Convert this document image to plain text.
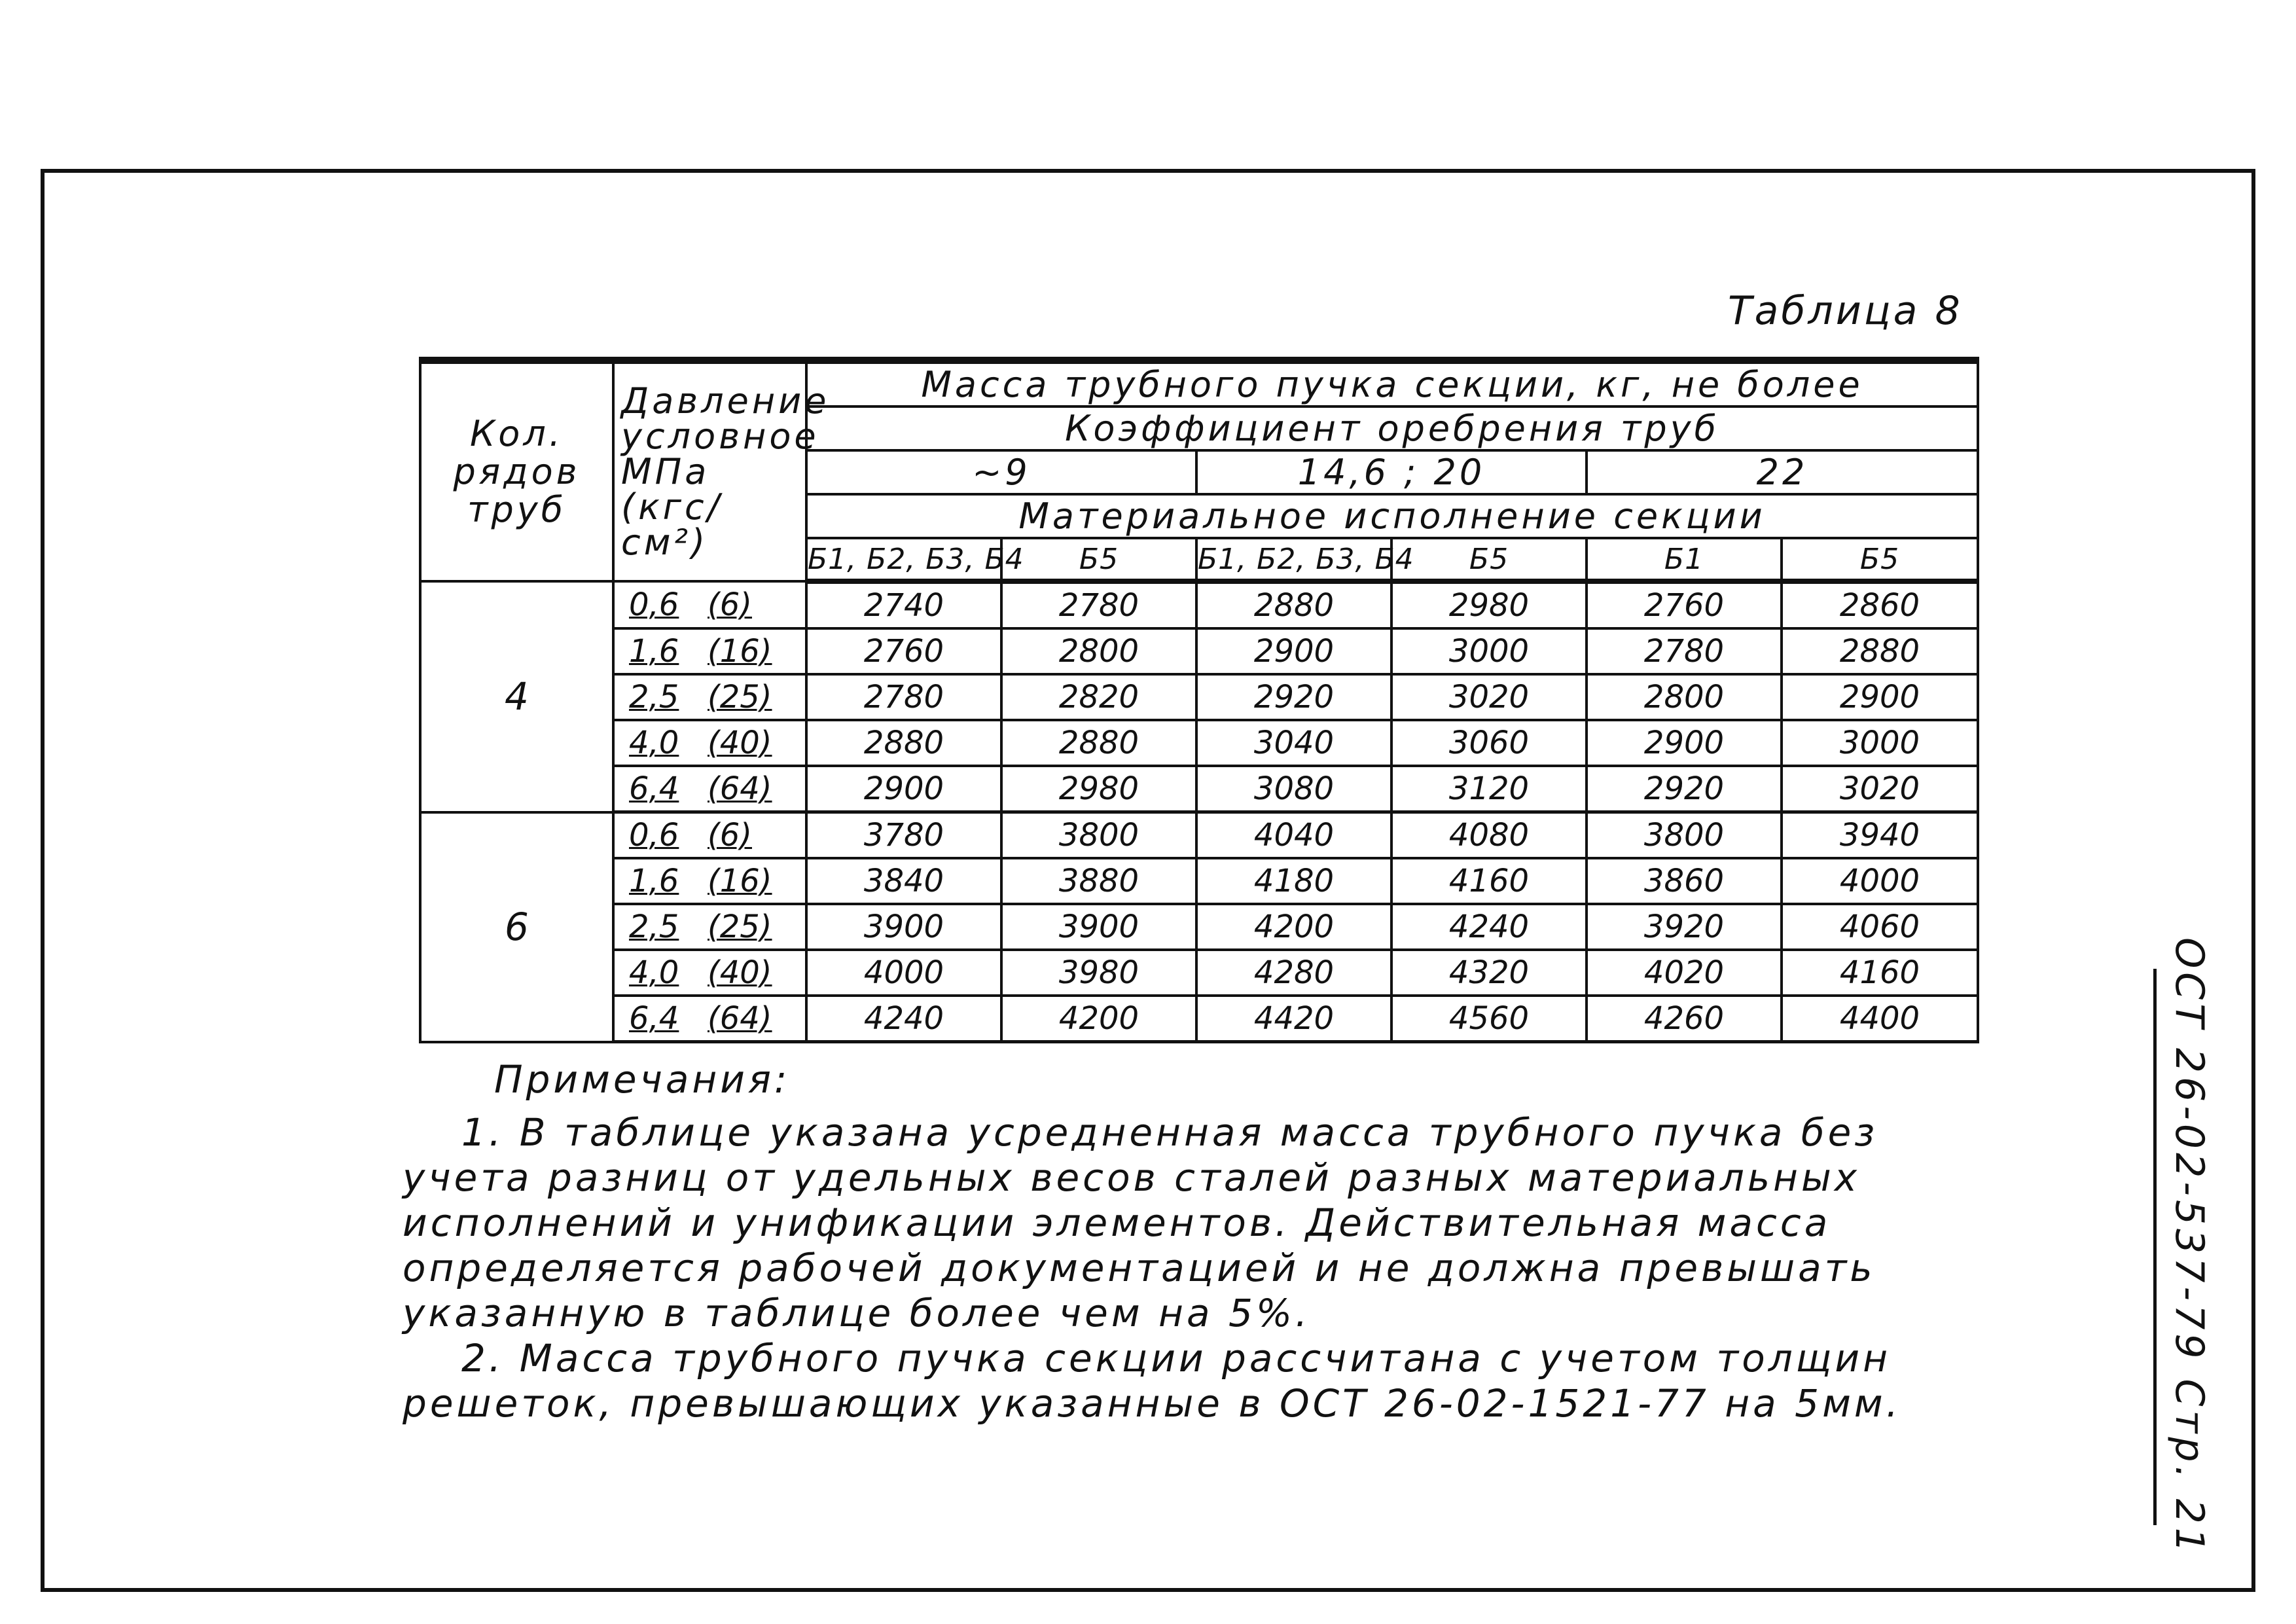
Таблица 8
Кол. рядов труб	Давление условное МПа (кгс/см²)	Масса трубного пучка секции, кг, не более					
		Коэффициент оребрения труб					
		~9		14,6 ; 20		22	
		Материальное исполнение секции					
		Б1, Б2, Б3, Б4	Б5	Б1, Б2, Б3, Б4	Б5	Б1	Б5
4	0,6 (6)	2740	2780	2880	2980	2760	2860
	1,6 (16)	2760	2800	2900	3000	2780	2880
	2,5 (25)	2780	2820	2920	3020	2800	2900
	4,0 (40)	2880	2880	3040	3060	2900	3000
	6,4 (64)	2900	2980	3080	3120	2920	3020
6	0,6 (6)	3780	3800	4040	4080	3800	3940
	1,6 (16)	3840	3880	4180	4160	3860	4000
	2,5 (25)	3900	3900	4200	4240	3920	4060
	4,0 (40)	4000	3980	4280	4320	4020	4160
	6,4 (64)	4240	4200	4420	4560	4260	4400
Примечания:

1. В таблице указана усредненная масса трубного пучка без учета разниц от удельных весов сталей разных материальных исполнений и унификации элементов. Действительная масса определяется рабочей документацией и не должна превышать указанную в таблице более чем на 5%.

2. Масса трубного пучка секции рассчитана с учетом толщин решеток, превышающих указанные в ОСТ 26-02-1521-77 на 5мм.	ОСТ 26-02-537-79 Стр. 21
